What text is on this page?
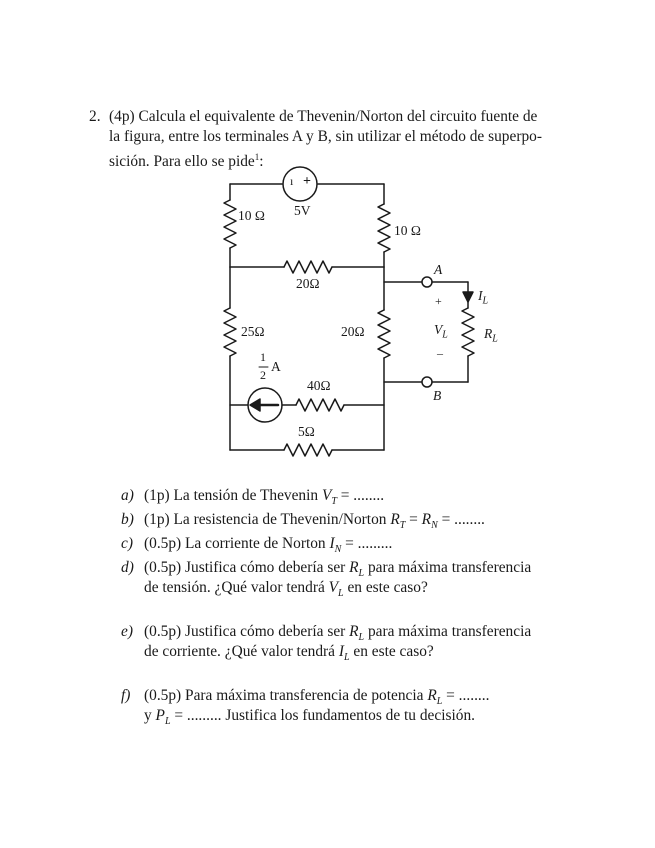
2. (4p) Calcula el equivalente de Thevenin/Norton del circuito fuente de
la figura, entre los terminales A y B, sin utilizar el método de superpo-
sición. Para ello se pide$^1$:
ı +
10 Ω 5V
10 Ω
20Ω
25Ω	20Ω
1
2
A
40Ω
5Ω
A
B
$I_L$
+
$V_L$
–
$R_L$
a) (1p) La tensión de Thevenin $V_T$ = ........
b) (1p) La resistencia de Thevenin/Norton $R_T = R_N$ = ........
c) (0.5p) La corriente de Norton $I_N$ = .........
d) (0.5p) Justifica cómo debería ser $R_L$ para máxima transferencia
de tensión. ¿Qué valor tendrá $V_L$ en este caso?
e) (0.5p) Justifica cómo debería ser $R_L$ para máxima transferencia
de corriente. ¿Qué valor tendrá $I_L$ en este caso?
f) (0.5p) Para máxima transferencia de potencia $R_L$ = ........
y $P_L$ = ......... Justifica los fundamentos de tu decisión.
